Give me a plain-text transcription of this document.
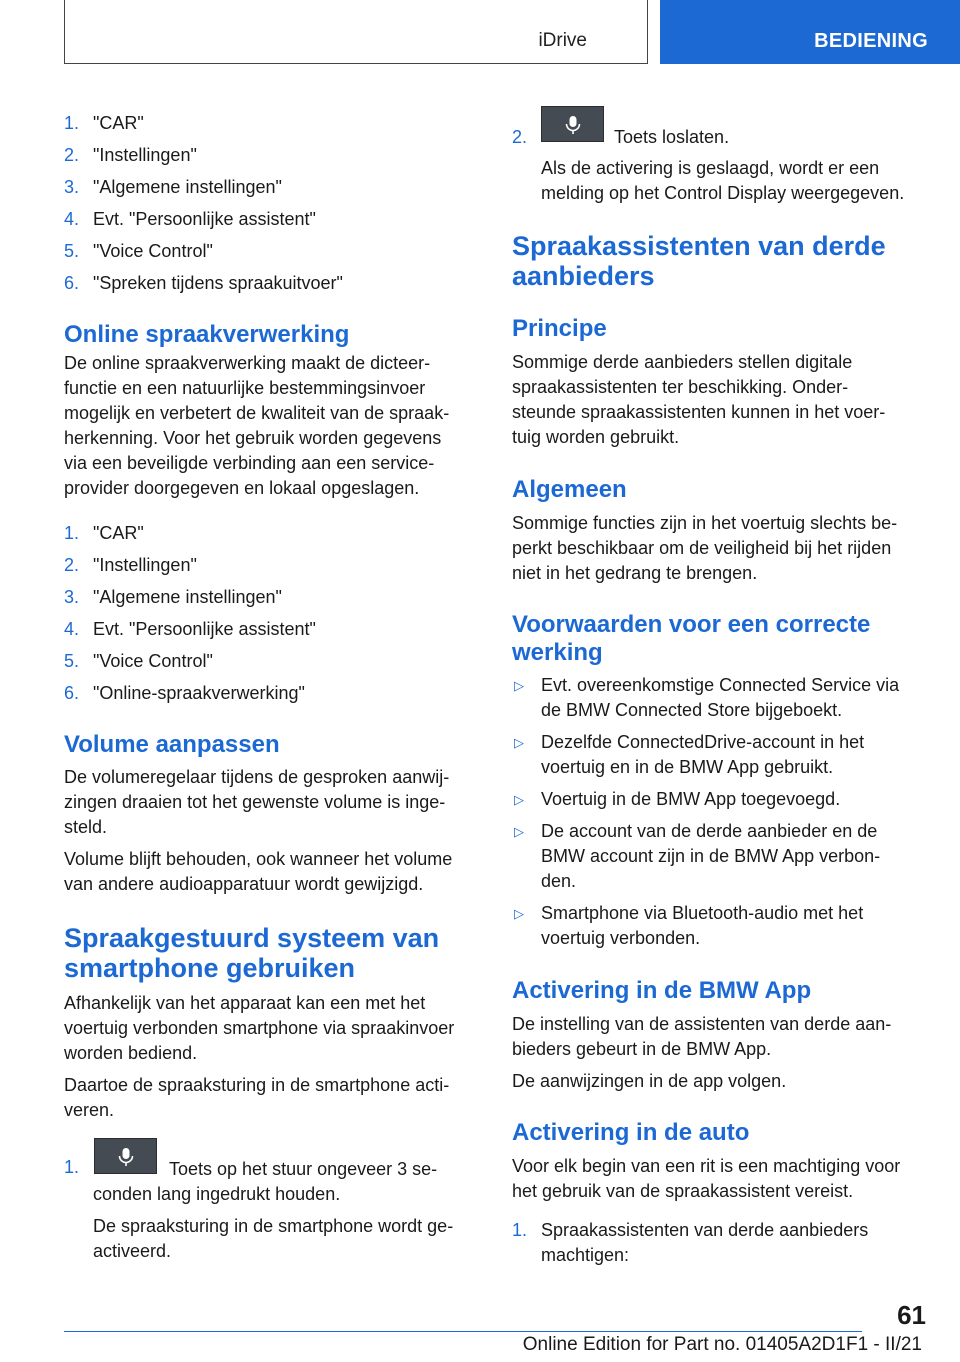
iDrive	BEDIENING
1. "CAR"
2. "Instellingen"
3. "Algemene instellingen"
4. Evt. "Persoonlijke assistent"
5. "Voice Control"
6. "Spreken tijdens spraakuitvoer"
Online spraakverwerking
De online spraakverwerking maakt de dicteer-
functie en een natuurlijke bestemmingsinvoer
mogelijk en verbetert de kwaliteit van de spraak-
herkenning. Voor het gebruik worden gegevens
via een beveiligde verbinding aan een service-
provider doorgegeven en lokaal opgeslagen.
1. "CAR"
2. "Instellingen"
3. "Algemene instellingen"
4. Evt. "Persoonlijke assistent"
5. "Voice Control"
6. "Online-spraakverwerking"
Volume aanpassen
De volumeregelaar tijdens de gesproken aanwij-
zingen draaien tot het gewenste volume is inge-
steld.
Volume blijft behouden, ook wanneer het volume
van andere audioapparatuur wordt gewijzigd.
Spraakgestuurd systeem van
smartphone gebruiken
Afhankelijk van het apparaat kan een met het
voertuig verbonden smartphone via spraakinvoer
worden bediend.
Daartoe de spraaksturing in de smartphone acti-
veren.
1.	Toets op het stuur ongeveer 3 se-
conden lang ingedrukt houden.
De spraaksturing in de smartphone wordt ge-
activeerd.
2.	Toets loslaten.
Als de activering is geslaagd, wordt er een
melding op het Control Display weergegeven.
Spraakassistenten van derde
aanbieders
Principe
Sommige derde aanbieders stellen digitale
spraakassistenten ter beschikking. Onder-
steunde spraakassistenten kunnen in het voer-
tuig worden gebruikt.
Algemeen
Sommige functies zijn in het voertuig slechts be-
perkt beschikbaar om de veiligheid bij het rijden
niet in het gedrang te brengen.
Voorwaarden voor een correcte
werking
▷ Evt. overeenkomstige Connected Service via
de BMW Connected Store bijgeboekt.
▷ Dezelfde ConnectedDrive-account in het
voertuig en in de BMW App gebruikt.
▷ Voertuig in de BMW App toegevoegd.
▷ De account van de derde aanbieder en de
BMW account zijn in de BMW App verbon-
den.
▷ Smartphone via Bluetooth-audio met het
voertuig verbonden.
Activering in de BMW App
De instelling van de assistenten van derde aan-
bieders gebeurt in de BMW App.
De aanwijzingen in de app volgen.
Activering in de auto
Voor elk begin van een rit is een machtiging voor
het gebruik van de spraakassistent vereist.
1. Spraakassistenten van derde aanbieders
machtigen:
61
Online Edition for Part no. 01405A2D1F1 - II/21
